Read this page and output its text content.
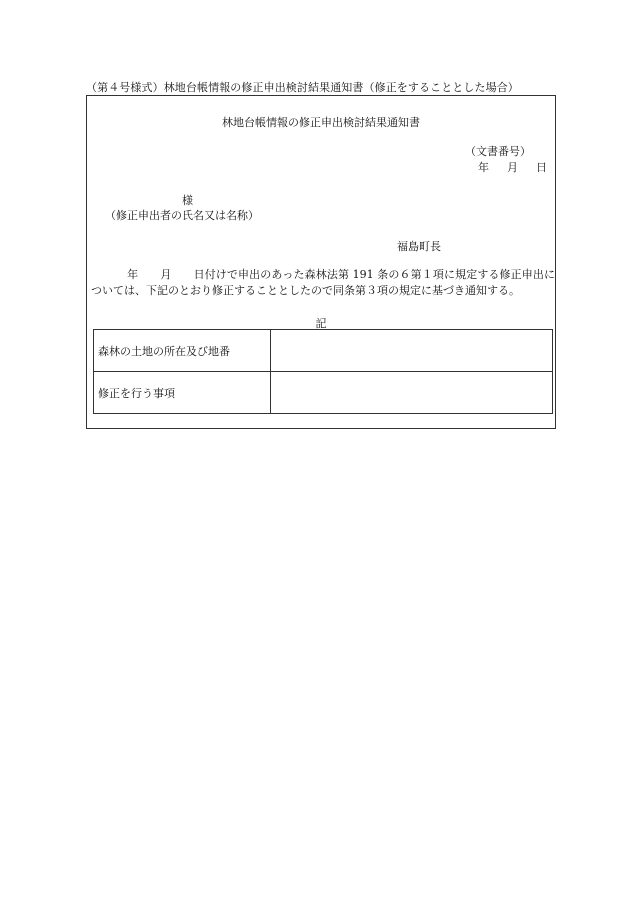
（第４号様式）林地台帳情報の修正申出検討結果通知書（修正をすることとした場合）
林地台帳情報の修正申出検討結果通知書
（文書番号）
年 月 日
様
（修正申出者の氏名又は名称）
福島町長
年 月 日付けで申出のあった森林法第 191 条の６第１項に規定する修正申出については、下記のとおり修正することとしたので同条第３項の規定に基づき通知する。
記
森林の土地の所在及び地番	
修正を行う事項	
